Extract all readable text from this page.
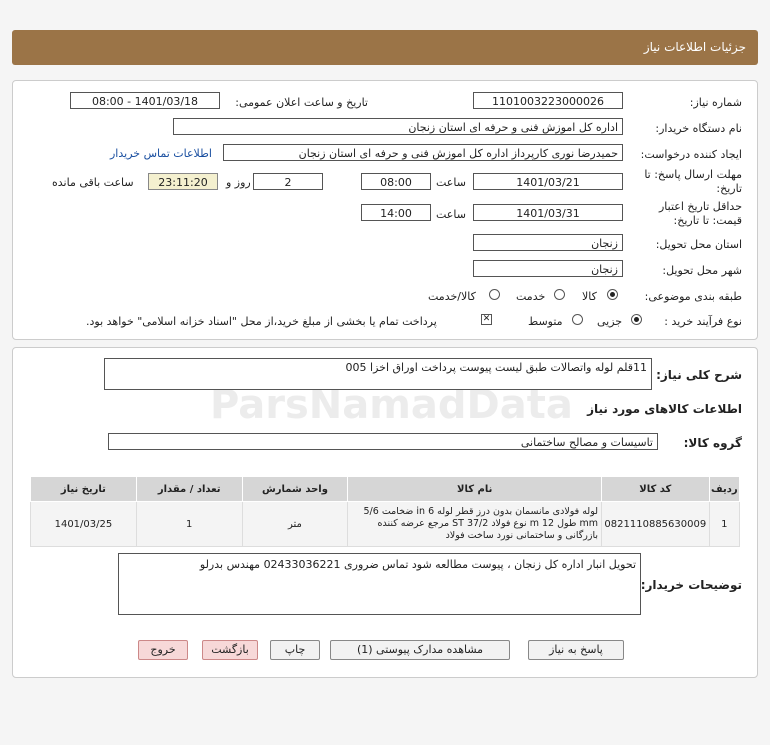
جزئیات اطلاعات نیاز
شماره نیاز:
1101003223000026
تاریخ و ساعت اعلان عمومی:
1401/03/18 - 08:00
نام دستگاه خریدار:
اداره کل اموزش فنی و حرفه ای استان زنجان
ایجاد کننده درخواست:
حمیدرضا نوری کارپرداز اداره کل اموزش فنی و حرفه ای استان زنجان
اطلاعات تماس خریدار
مهلت ارسال پاسخ: تا
تاریخ:
1401/03/21
ساعت
08:00
2
روز و
23:11:20
ساعت باقی مانده
حداقل تاریخ اعتبار
قیمت: تا تاریخ:
1401/03/31
ساعت
14:00
استان محل تحویل:
زنجان
شهر محل تحویل:
زنجان
طبقه بندی موضوعی:
کالا
خدمت
کالا/خدمت
نوع فرآیند خرید :
جزیی
متوسط
✕
پرداخت تمام یا بخشی از مبلغ خرید،از محل "اسناد خزانه اسلامی" خواهد بود.
شرح کلی نیاز:
11قلم لوله واتصالات طبق لیست پیوست پرداخت اوراق اخزا 005
اطلاعات کالاهای مورد نیاز
گروه کالا:
تاسیسات و مصالح ساختمانی
ردیف	کد کالا	نام کالا	واحد شمارش	تعداد / مقدار	تاریخ نیاز
1	0821110885630009	لوله فولادی مانسمان بدون درز قطر لوله 6 in ضخامت 5/6 mm طول 12 m نوع فولاد ST 37/2 مرجع عرضه کننده بازرگانی و ساختمانی نورد ساخت فولاد	متر	1	1401/03/25
توضیحات خریدار:
تحویل انبار اداره کل زنجان ، پیوست مطالعه شود تماس ضروری 02433036221 مهندس بدرلو
پاسخ به نیاز
مشاهده مدارک پیوستی (1)
چاپ
بازگشت
خروج
